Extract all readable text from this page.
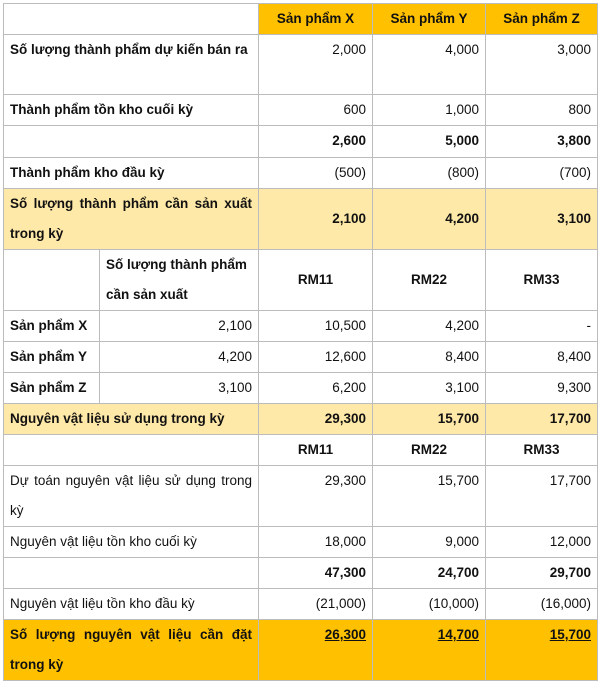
		Sản phẩm X	Sản phẩm Y	Sản phẩm Z
Số lượng thành phẩm dự kiến bán ra		2,000	4,000	3,000
Thành phẩm tồn kho cuối kỳ		600	1,000	800
		2,600	5,000	3,800
Thành phẩm kho đầu kỳ		(500)	(800)	(700)
Số lượng thành phẩm cần sản xuất trong kỳ		2,100	4,200	3,100
	Số lượng thành phẩm cần sản xuất	RM11	RM22	RM33
Sản phẩm X	2,100	10,500	4,200	-
Sản phẩm Y	4,200	12,600	8,400	8,400
Sản phẩm Z	3,100	6,200	3,100	9,300
Nguyên vật liệu sử dụng trong kỳ		29,300	15,700	17,700
		RM11	RM22	RM33
Dự toán nguyên vật liệu sử dụng trong kỳ		29,300	15,700	17,700
Nguyên vật liệu tồn kho cuối kỳ		18,000	9,000	12,000
		47,300	24,700	29,700
Nguyên vật liệu tồn kho đầu kỳ		(21,000)	(10,000)	(16,000)
Số lượng nguyên vật liệu cần đặt trong kỳ		26,300	14,700	15,700
